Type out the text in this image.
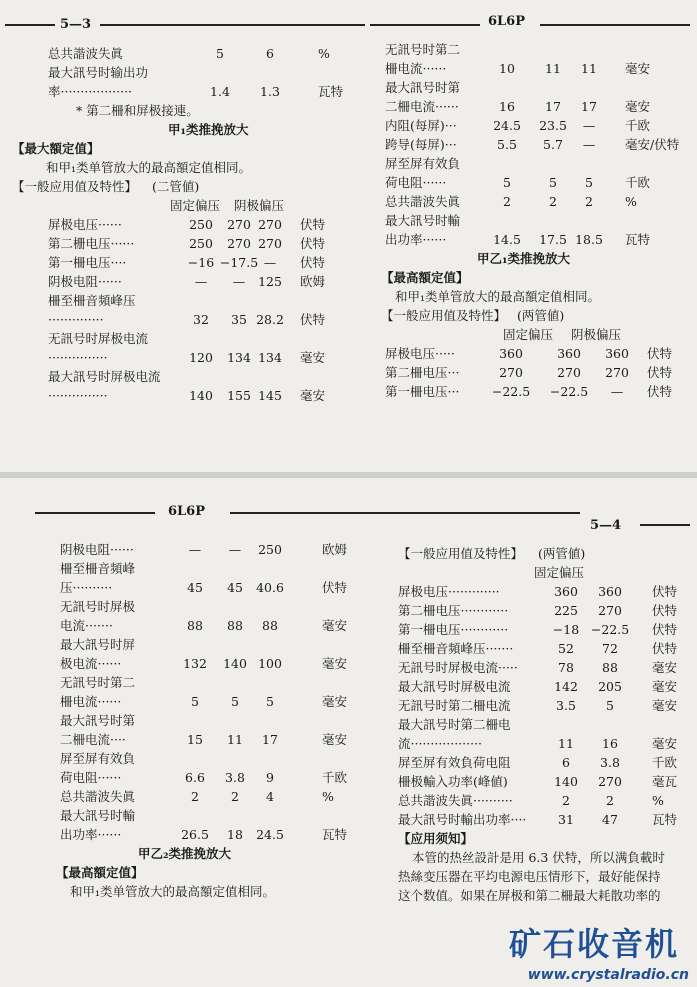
5—3	6L6P
总共諧波失眞	5	6	%
最大訊号时输出功
率··················	1.4	1.3	瓦特
* 第二柵和屏极接連。
甲₁类推挽放大
【最大額定值】
和甲₁类单管放大的最高額定值相同。
【一般应用值及特性】 (二管値)
固定偏压 阴极偏压
屏极电压······	250	270 270	伏特
第二栅电压······	250	270 270	伏特
第一柵电压····	−16 −17.5 —	伏特
阴极电阻······	—	—	125	欧姆
柵至柵音頻峰压
··············	32	35 28.2	伏特
无訊号时屏极电流
···············	120	134 134	毫安
最大訊号时屏极电流
···············	140	155 145	毫安
无訊号时第二
柵电流······	10	11	11	毫安
最大訊号时第
二柵电流······	16	17	17	毫安
内阻(每屏)···	24.5	23.5	—	千欧
跨导(每屏)···	5.5	5.7	—	毫安/伏特
屏至屏有效負
荷电阻······	5	5	5	千欧
总共諧波失眞	2	2	2	%
最大訊号时輸
出功率······	14.5	17.5 18.5	瓦特
甲乙₁类推挽放大
【最高額定值】
和甲₁类单管放大的最高額定值相同。
【一般应用值及特性】 (两管値)
固定偏压 阴极偏压
屏极电压·····	360	360	360	伏特
第二柵电压···	270	270	270	伏特
第一柵电压···	−22.5	−22.5	—	伏特
6L6P
5—4
阴极电阻······	—	—	250	欧姆
柵至柵音頻峰
压··········	45	45	40.6	伏特
无訊号时屏极
电流·······	88	88	88	毫安
最大訊号时屏
极电流······	132	140 100	毫安
无訊号时第二
柵电流······	5	5	5	毫安
最大訊号时第
二柵电流····	15	11	17	毫安
屏至屏有效負
荷电阻······	6.6	3.8	9	千欧
总共諧波失眞	2	2	4	%
最大訊号时輸
出功率······	26.5	18	24.5	瓦特
甲乙₂类推挽放大
【最高額定值】
和甲₁类单管放大的最高額定值相同。
【一般应用值及特性】 (两管値)
固定偏压
屏极电压·············	360	360	伏特
第二柵电压············	225	270	伏特
第一柵电压············	−18 −22.5	伏特
柵至柵音頻峰压·······	52	72	伏特
无訊号时屏极电流·····	78	88	毫安
最大訊号时屏极电流	142	205	毫安
无訊号时第二柵电流	3.5	5	毫安
最大訊号时第二柵电
流··················	11	16	毫安
屏至屏有效負荷电阻	6	3.8	千欧
柵极輸入功率(峰値)	140	270	毫瓦
总共諧波失眞··········	2	2	%
最大訊号时輸出功率····	31	47	瓦特
【应用须知】
本管的热丝設計是用 6.3 伏特，所以满負載时
热絲变压器在平均电源电压情形下，最好能保持
这个数值。如果在屏极和第二柵最大耗散功率的
矿石收音机
www.crystalradio.cn
